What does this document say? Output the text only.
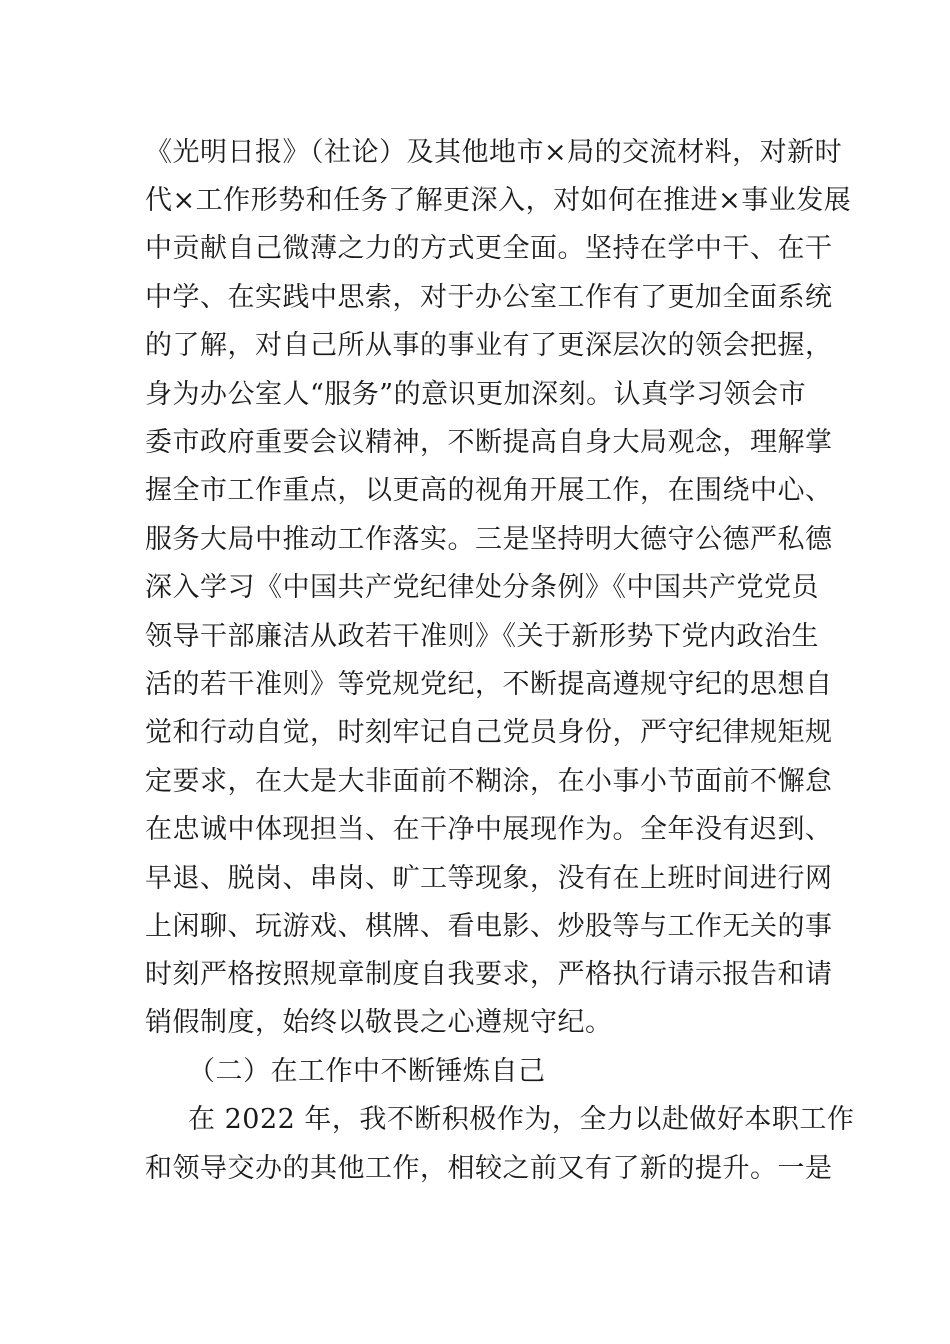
《光明日报》（社论）及其他地市×局的交流材料，对新时
代×工作形势和任务了解更深入，对如何在推进×事业发展
中贡献自己微薄之力的方式更全面。坚持在学中干、在干
中学、在实践中思索，对于办公室工作有了更加全面系统
的了解，对自己所从事的事业有了更深层次的领会把握，
身为办公室人“服务”的意识更加深刻。认真学习领会市
委市政府重要会议精神，不断提高自身大局观念，理解掌
握全市工作重点，以更高的视角开展工作，在围绕中心、
服务大局中推动工作落实。三是坚持明大德守公德严私德
深入学习《中国共产党纪律处分条例》《中国共产党党员
领导干部廉洁从政若干准则》《关于新形势下党内政治生
活的若干准则》等党规党纪，不断提高遵规守纪的思想自
觉和行动自觉，时刻牢记自己党员身份，严守纪律规矩规
定要求，在大是大非面前不糊涂，在小事小节面前不懈怠
在忠诚中体现担当、在干净中展现作为。全年没有迟到、
早退、脱岗、串岗、旷工等现象，没有在上班时间进行网
上闲聊、玩游戏、棋牌、看电影、炒股等与工作无关的事
时刻严格按照规章制度自我要求，严格执行请示报告和请
销假制度，始终以敬畏之心遵规守纪。
（二）在工作中不断锤炼自己
在 2022 年，我不断积极作为，全力以赴做好本职工作
和领导交办的其他工作，相较之前又有了新的提升。一是
